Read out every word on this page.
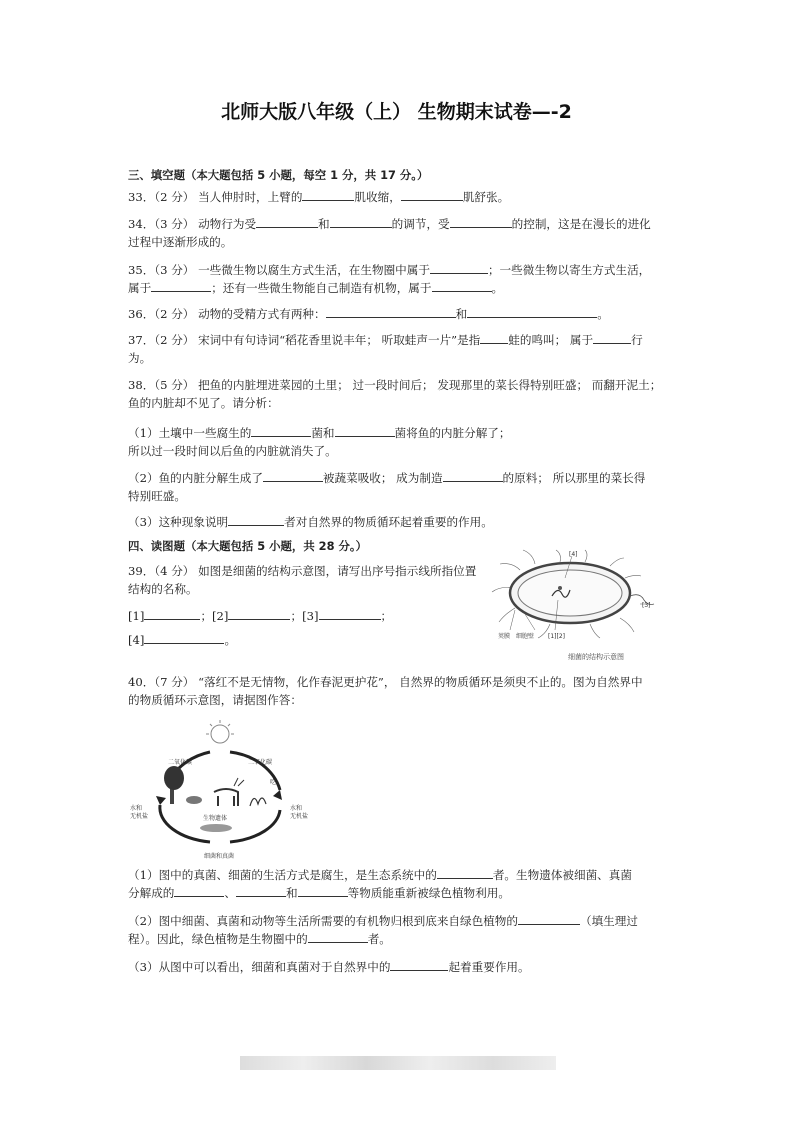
北师大版八年级（上） 生物期末试卷—-2
三、填空题（本大题包括 5 小题，每空 1 分，共 17 分。）
33．（2 分） 当人伸肘时，上臂的	肌收缩，	肌舒张。
34．（3 分） 动物行为受	和	的调节，受	的控制，这是在漫长的进化
过程中逐渐形成的。
35．（3 分） 一些微生物以腐生方式生活，在生物圈中属于	；一些微生物以寄生方式生活，
属于	；还有一些微生物能自己制造有机物，属于	。
36．（2 分） 动物的受精方式有两种：	和	。
37．（2 分） 宋词中有句诗词“稻花香里说丰年； 听取蛙声一片”是指 蛙的鸣叫； 属于	行
为。
38．（5 分） 把鱼的内脏埋进菜园的土里； 过一段时间后； 发现那里的菜长得特别旺盛； 而翻开泥土；
鱼的内脏却不见了。请分析：
（1）土壤中一些腐生的	菌和	菌将鱼的内脏分解了；
所以过一段时间以后鱼的内脏就消失了。
（2）鱼的内脏分解生成了	被蔬菜吸收； 成为制造	的原料； 所以那里的菜长得
特别旺盛。
（3）这种现象说明	者对自然界的物质循环起着重要的作用。
四、读图题（本大题包括 5 小题，共 28 分。）
39．（4 分） 如图是细菌的结构示意图，请写出序号指示线所指位置
结构的名称。
[1]	；[2]	；[3]	；
[4]	。
[4]
[3]
荚膜 细胞壁 [1][2]
细菌的结构示意图
40．（7 分） “落红不是无情物，化作春泥更护花”， 自然界的物质循环是须臾不止的。图为自然界中
的物质循环示意图，请据图作答：
二氧化碳	二氧化碳
水和
无机盐
水和
无机盐
生物遗体
吃
细菌和真菌
（1）图中的真菌、细菌的生活方式是腐生，是生态系统中的	者。生物遗体被细菌、真菌
分解成的	、	和	等物质能重新被绿色植物利用。
（2）图中细菌、真菌和动物等生活所需要的有机物归根到底来自绿色植物的	（填生理过
程）。因此，绿色植物是生物圈中的	者。
（3）从图中可以看出，细菌和真菌对于自然界中的	起着重要作用。
